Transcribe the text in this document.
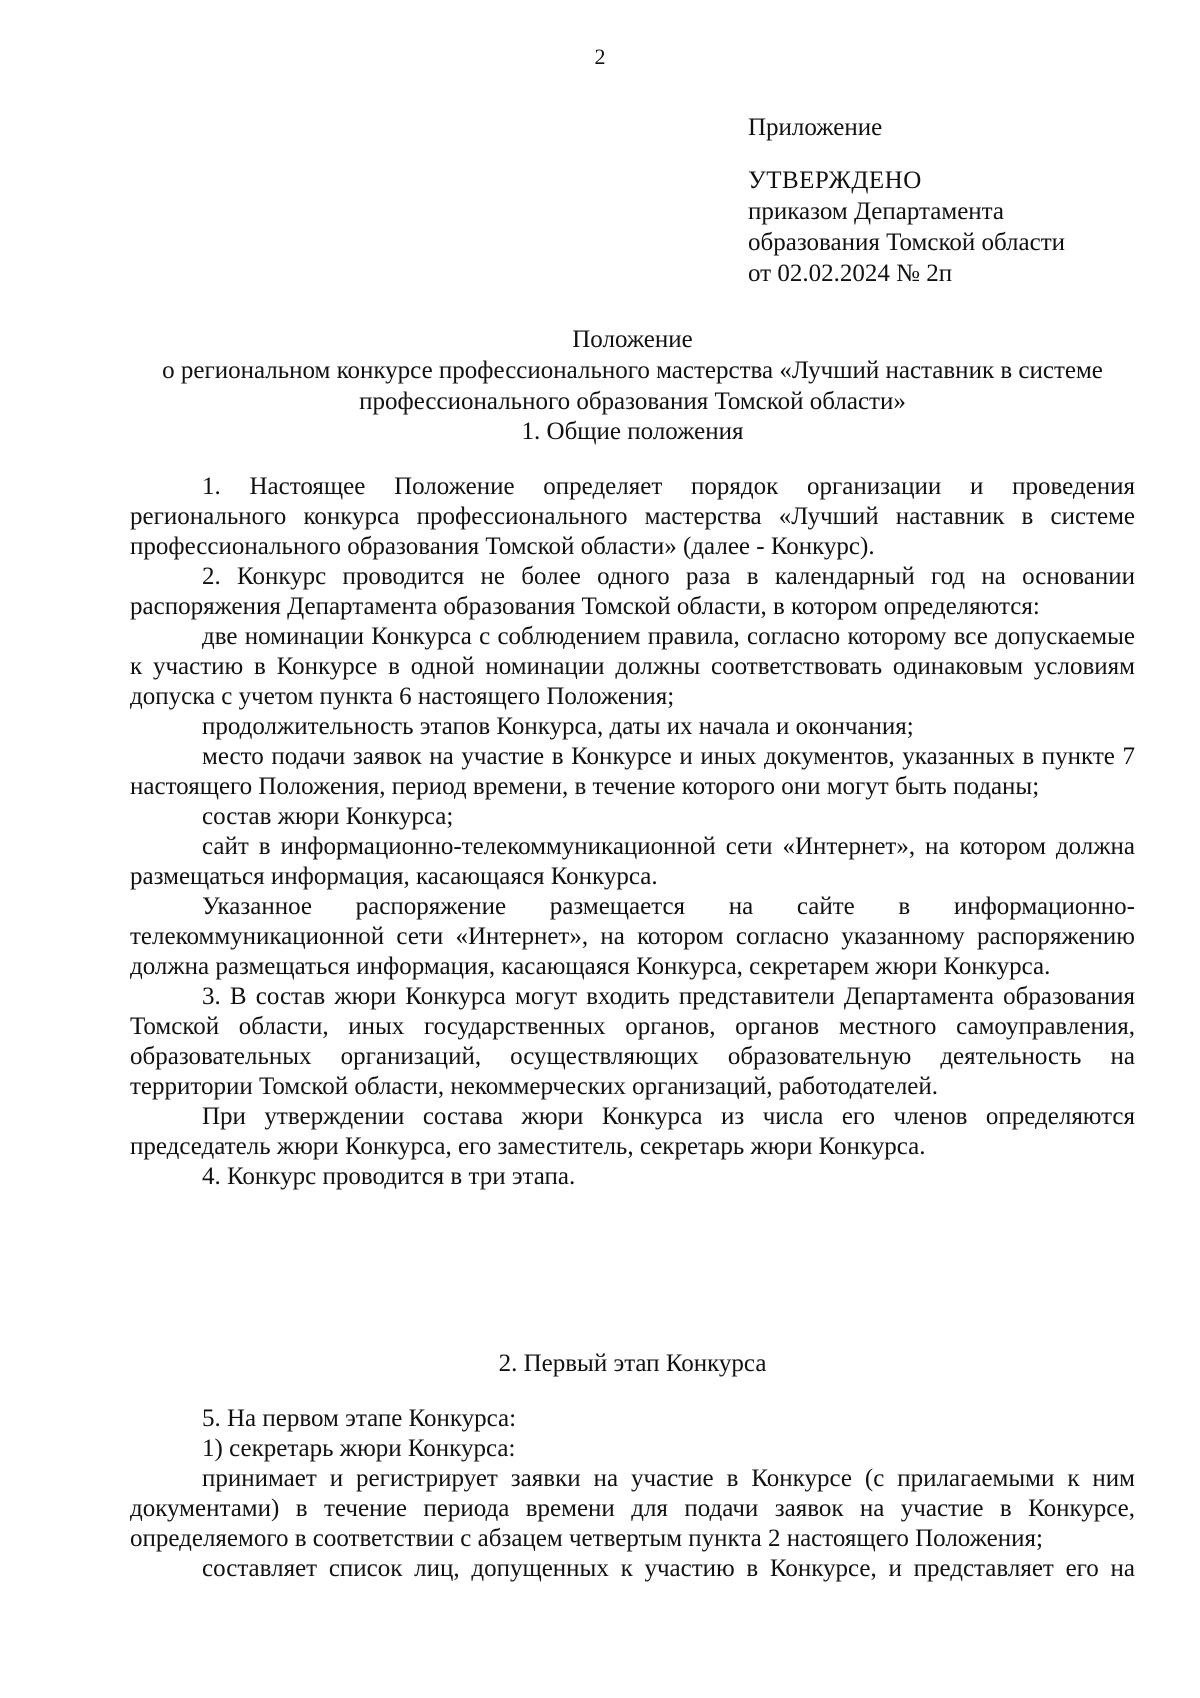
2
Приложение
УТВЕРЖДЕНО
приказом Департамента
образования Томской области
от 02.02.2024 № 2п
Положение
о региональном конкурсе профессионального мастерства «Лучший наставник в системе
профессионального образования Томской области»
1. Общие положения

1. Настоящее Положение определяет порядок организации и проведения регионального конкурса профессионального мастерства «Лучший наставник в системе профессионального образования Томской области» (далее - Конкурс).

2. Конкурс проводится не более одного раза в календарный год на основании распоряжения Департамента образования Томской области, в котором определяются:

две номинации Конкурса с соблюдением правила, согласно которому все допускаемые к участию в Конкурсе в одной номинации должны соответствовать одинаковым условиям допуска с учетом пункта 6 настоящего Положения;

продолжительность этапов Конкурса, даты их начала и окончания;

место подачи заявок на участие в Конкурсе и иных документов, указанных в пункте 7 настоящего Положения, период времени, в течение которого они могут быть поданы;

состав жюри Конкурса;

сайт в информационно-телекоммуникационной сети «Интернет», на котором должна размещаться информация, касающаяся Конкурса.

Указанное распоряжение размещается на сайте в информационно-телекоммуникационной сети «Интернет», на котором согласно указанному распоряжению должна размещаться информация, касающаяся Конкурса, секретарем жюри Конкурса.

3. В состав жюри Конкурса могут входить представители Департамента образования Томской области, иных государственных органов, органов местного самоуправления, образовательных организаций, осуществляющих образовательную деятельность на территории Томской области, некоммерческих организаций, работодателей.

При утверждении состава жюри Конкурса из числа его членов определяются председатель жюри Конкурса, его заместитель, секретарь жюри Конкурса.

4. Конкурс проводится в три этапа.

2. Первый этап Конкурса

5. На первом этапе Конкурса:

1) секретарь жюри Конкурса:

принимает и регистрирует заявки на участие в Конкурсе (с прилагаемыми к ним документами) в течение периода времени для подачи заявок на участие в Конкурсе, определяемого в соответствии с абзацем четвертым пункта 2 настоящего Положения;

составляет список лиц, допущенных к участию в Конкурсе, и представляет его на
